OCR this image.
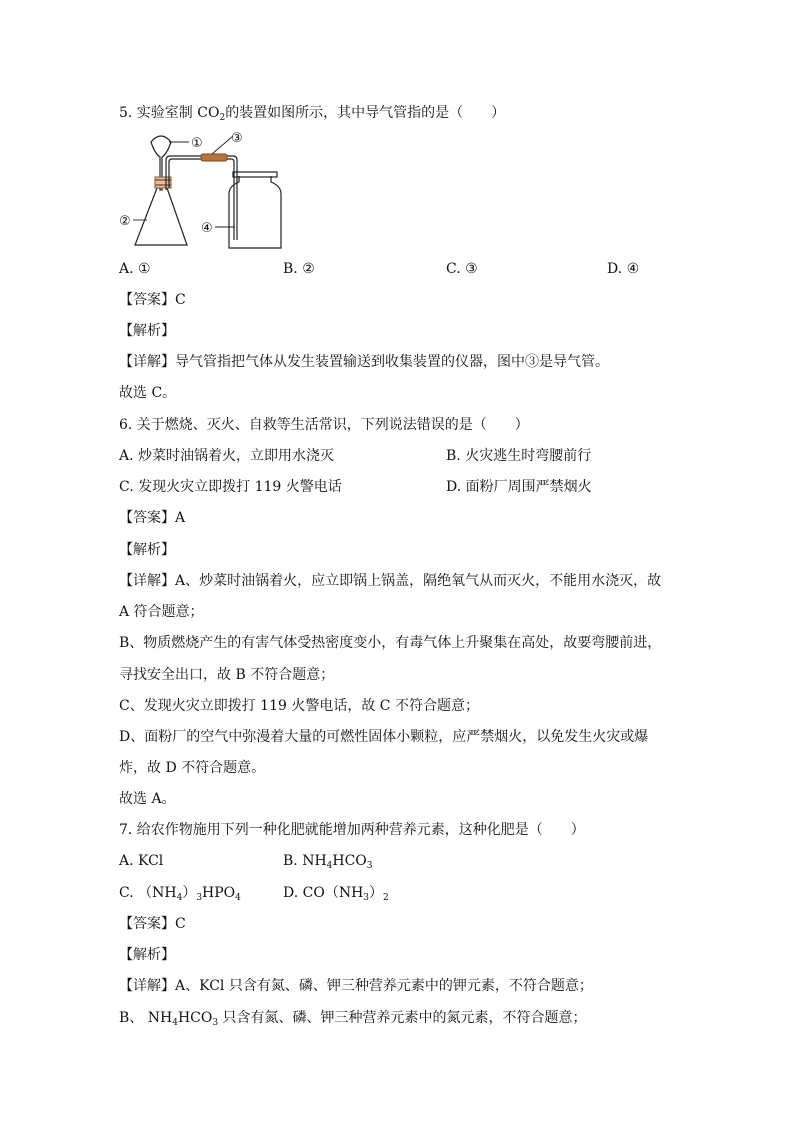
5. 实验室制 $CO_2$的装置如图所示，其中导气管指的是（　　）
① ③
②	④
A. ①	B. ②	C. ③	D. ④
【答案】C
【解析】
【详解】导气管指把气体从发生装置输送到收集装置的仪器，图中③是导气管。
故选 C。
6. 关于燃烧、灭火、自救等生活常识，下列说法错误的是（　　）
A. 炒菜时油锅着火，立即用水浇灭	B. 火灾逃生时弯腰前行
C. 发现火灾立即拨打 119 火警电话	D. 面粉厂周围严禁烟火
【答案】A
【解析】
【详解】A、炒菜时油锅着火，应立即锅上锅盖，隔绝氧气从而灭火，不能用水浇灭，故
A 符合题意；
B、物质燃烧产生的有害气体受热密度变小，有毒气体上升聚集在高处，故要弯腰前进，
寻找安全出口，故 B 不符合题意；
C、发现火灾立即拨打 119 火警电话，故 C 不符合题意；
D、面粉厂的空气中弥漫着大量的可燃性固体小颗粒，应严禁烟火，以免发生火灾或爆
炸，故 D 不符合题意。
故选 A。
7. 给农作物施用下列一种化肥就能增加两种营养元素，这种化肥是（　　）
A. KCl	B. $NH_4HCO_3$
C. $(NH_4)_3HPO_4$	D. $CO(NH_3)_2$
【答案】C
【解析】
【详解】A、KCl 只含有氮、磷、钾三种营养元素中的钾元素，不符合题意；
B、 $NH_4HCO_3$ 只含有氮、磷、钾三种营养元素中的氮元素，不符合题意；
